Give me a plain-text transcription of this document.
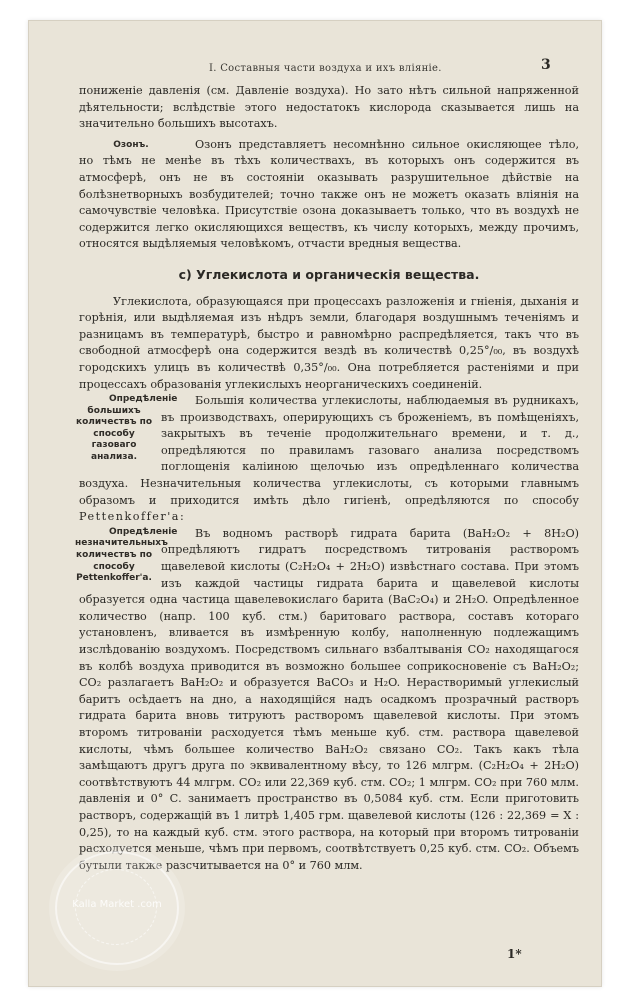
I. Составныя части воздуха и ихъ вліяніе.	3

пониженіе давленія (см. Давленіе воздуха). Но зато нѣтъ сильной напряженной дѣятельности; вслѣдствіе этого недостатокъ кислорода сказывается лишь на значительно большихъ высотахъ.

Озонъ.	Озонъ представляетъ несомнѣнно сильное окисляющее тѣло, но тѣмъ не менѣе въ тѣхъ количествахъ, въ которыхъ онъ содержится въ атмосферѣ, онъ не въ состояніи оказывать разрушительное дѣйствіе на болѣзнетворныхъ возбудителей; точно также онъ не можетъ оказать вліянія на самочувствіе человѣка. Присутствіе озона доказываетъ только, что въ воздухѣ не содержится легко окисляющихся веществъ, къ числу которыхъ, между прочимъ, относятся выдѣляемыя человѣкомъ, отчасти вредныя вещества.

c) Углекислота и органическія вещества.

Углекислота, образующаяся при процессахъ разложенія и гніенія, дыханія и горѣнія, или выдѣляемая изъ нѣдръ земли, благодаря воздушнымъ теченіямъ и разницамъ въ температурѣ, быстро и равномѣрно распредѣляется, такъ что въ свободной атмосферѣ она содержится вездѣ въ количествѣ 0,25°/₀₀, въ воздухѣ городскихъ улицъ въ количествѣ 0,35°/₀₀. Она потребляется растеніями и при процессахъ образованія углекислыхъ неорганическихъ соединеній.

Опредѣленіе большихъ количествъ по способу газоваго анализа.
Большія количества углекислоты, наблюдаемыя въ рудникахъ, въ производствахъ, оперирующихъ съ броженіемъ, въ помѣщеніяхъ, закрытыхъ въ теченіе продолжительнаго времени, и т. д., опредѣляются по правиламъ газоваго анализа посредствомъ поглощенія каліиною щелочью изъ опредѣленнаго количества воздуха. Незначительныя количества углекислоты, съ которыми главнымъ образомъ и приходится имѣть дѣло гигіенѣ, опредѣляются по способу Pettenkoffer'a:

Опредѣленіе незначительныхъ количествъ по способу Pettenkoffer'a.
Въ водномъ растворѣ гидрата барита (BaH₂O₂ + 8H₂O) опредѣляютъ гидратъ посредствомъ титрованія растворомъ щавелевой кислоты (C₂H₂O₄ + 2H₂O) извѣстнаго состава. При этомъ изъ каждой частицы гидрата барита и щавелевой кислоты образуется одна частица щавелевокислаго барита (BaC₂O₄) и 2H₂O. Опредѣленное количество (напр. 100 куб. стм.) баритоваго раствора, составъ котораго установленъ, вливается въ измѣренную колбу, наполненную подлежащимъ изслѣдованію воздухомъ. Посредствомъ сильнаго взбалтыванія CO₂ находящагося въ колбѣ воздуха приводится въ возможно большее соприкосновеніе съ BaH₂O₂; CO₂ разлагаетъ BaH₂O₂ и образуется BaCO₃ и H₂O. Нерастворимый углекислый баритъ осѣдаетъ на дно, а находящійся надъ осадкомъ прозрачный растворъ гидрата барита вновь титруютъ растворомъ щавелевой кислоты. При этомъ второмъ титрованіи расходуется тѣмъ меньше куб. стм. раствора щавелевой кислоты, чѣмъ большее количество BaH₂O₂ связано CO₂. Такъ какъ тѣла замѣщаютъ другъ друга по эквивалентному вѣсу, то 126 млгрм. (C₂H₂O₄ + 2H₂O) соотвѣтствуютъ 44 млгрм. CO₂ или 22,369 куб. стм. CO₂; 1 млгрм. CO₂ при 760 млм. давленія и 0° С. занимаетъ пространство въ 0,5084 куб. стм. Если приготовить растворъ, содержащій въ 1 литрѣ 1,405 грм. щавелевой кислоты (126 : 22,369 = X : 0,25), то на каждый куб. стм. этого раствора, на который при второмъ титрованіи расходуется меньше, чѣмъ при первомъ, соотвѣтствуетъ 0,25 куб. стм. CO₂. Объемъ бутыли также разсчитывается на 0° и 760 млм.

1*
Kalla Market .com
